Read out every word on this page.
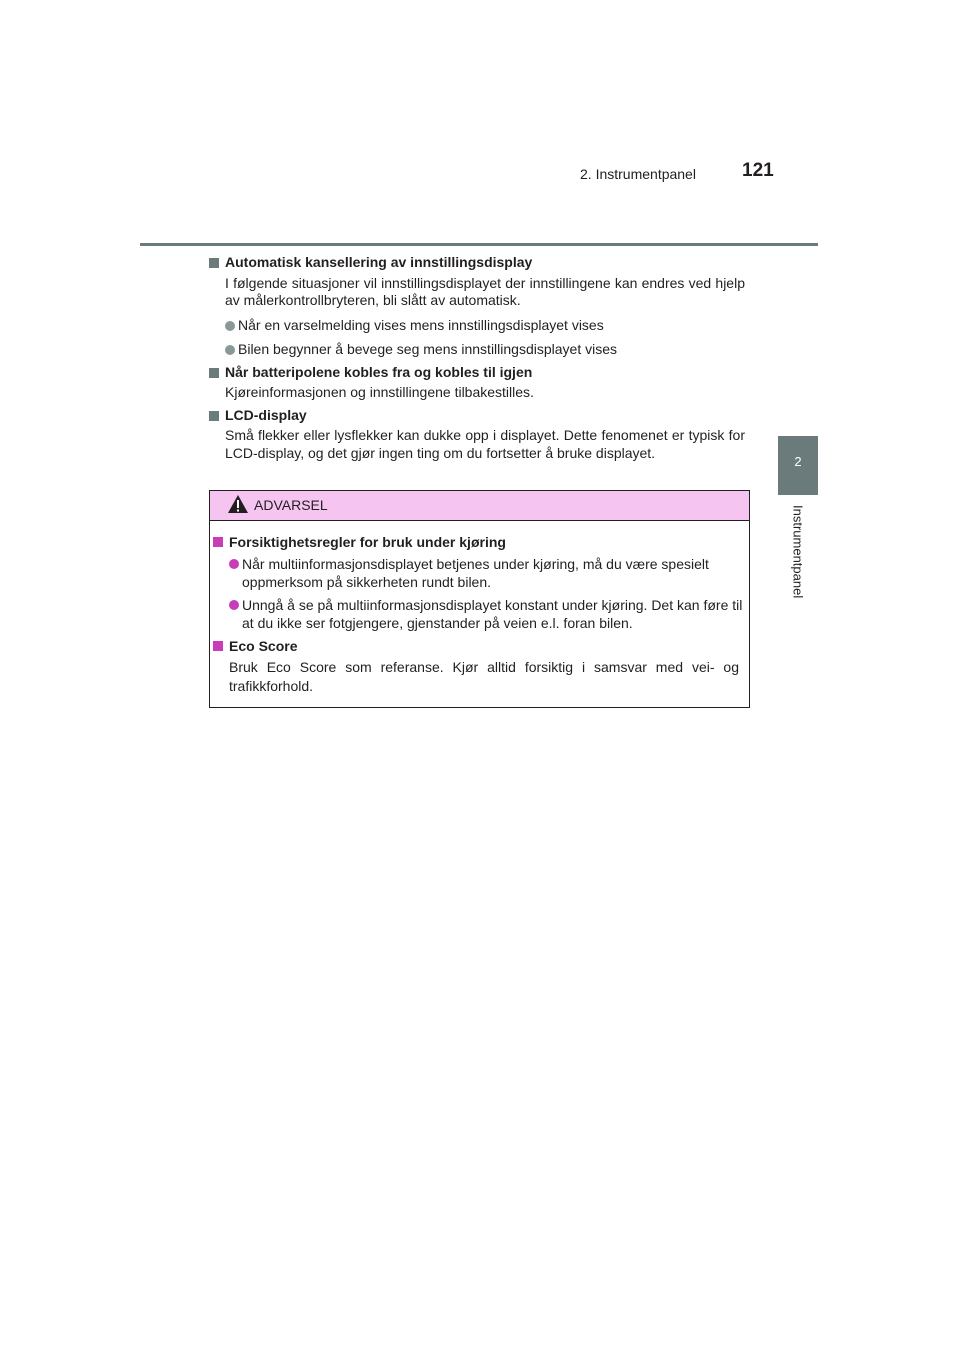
2. Instrumentpanel 121
2
Instrumentpanel

Automatisk kansellering av innstillingsdisplay

I følgende situasjoner vil innstillingsdisplayet der innstillingene kan endres ved hjelp av målerkontrollbryteren, bli slått av automatisk.

Når en varselmelding vises mens innstillingsdisplayet vises
Bilen begynner å bevege seg mens innstillingsdisplayet vises

Når batteripolene kobles fra og kobles til igjen

Kjøreinformasjonen og innstillingene tilbakestilles.

LCD-display

Små flekker eller lysflekker kan dukke opp i displayet. Dette fenomenet er typisk for LCD-display, og det gjør ingen ting om du fortsetter å bruke displayet.

ADVARSEL

Forsiktighetsregler for bruk under kjøring

Når multiinformasjonsdisplayet betjenes under kjøring, må du være spesielt oppmerksom på sikkerheten rundt bilen.
Unngå å se på multiinformasjonsdisplayet konstant under kjøring. Det kan føre til at du ikke ser fotgjengere, gjenstander på veien e.l. foran bilen.

Eco Score

Bruk Eco Score som referanse. Kjør alltid forsiktig i samsvar med vei- og trafikkforhold.
